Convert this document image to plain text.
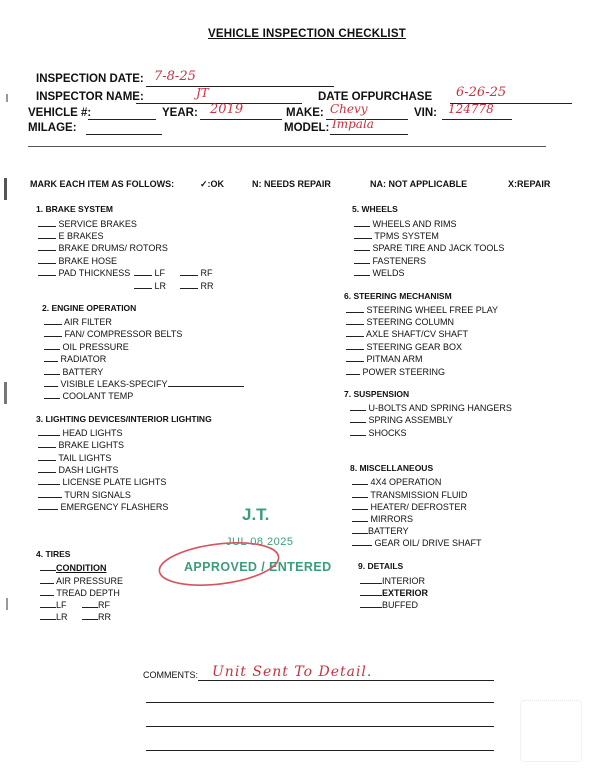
VEHICLE INSPECTION CHECKLIST
INSPECTION DATE: 7-8-25
INSPECTOR NAME:	JT	DATE OFPURCHASE 6-26-25
VEHICLE #:	YEAR: 2019	MAKE: Chevy	VIN: 124778
MILAGE:	MODEL: Impala
MARK EACH ITEM AS FOLLOWS:	✓:OK	N: NEEDS REPAIR	NA: NOT APPLICABLE	X:REPAIR
1. BRAKE SYSTEM
SERVICE BRAKES
E BRAKES
BRAKE DRUMS/ ROTORS
BRAKE HOSE
PAD THICKNESS	LF	RF
LR	RR
2. ENGINE OPERATION
AIR FILTER
FAN/ COMPRESSOR BELTS
OIL PRESSURE
RADIATOR
BATTERY
VISIBLE LEAKS-SPECIFY
COOLANT TEMP
3. LIGHTING DEVICES/INTERIOR LIGHTING
HEAD LIGHTS
BRAKE LIGHTS
TAIL LIGHTS
DASH LIGHTS
LICENSE PLATE LIGHTS
TURN SIGNALS
EMERGENCY FLASHERS
4. TIRES
CONDITION
AIR PRESSURE
TREAD DEPTH
LF	RF
LR	RR
5. WHEELS
WHEELS AND RIMS
TPMS SYSTEM
SPARE TIRE AND JACK TOOLS
FASTENERS
WELDS
6. STEERING MECHANISM
STEERING WHEEL FREE PLAY
STEERING COLUMN
AXLE SHAFT/CV SHAFT
STEERING GEAR BOX
PITMAN ARM
POWER STEERING
7. SUSPENSION
U-BOLTS AND SPRING HANGERS
SPRING ASSEMBLY
SHOCKS
8. MISCELLANEOUS
4X4 OPERATION
TRANSMISSION FLUID
HEATER/ DEFROSTER
MIRRORS
BATTERY
GEAR OIL/ DRIVE SHAFT
9. DETAILS
INTERIOR
EXTERIOR
BUFFED
J.T.
JUL 08 2025
APPROVED / ENTERED
COMMENTS: Unit Sent To Detail.
